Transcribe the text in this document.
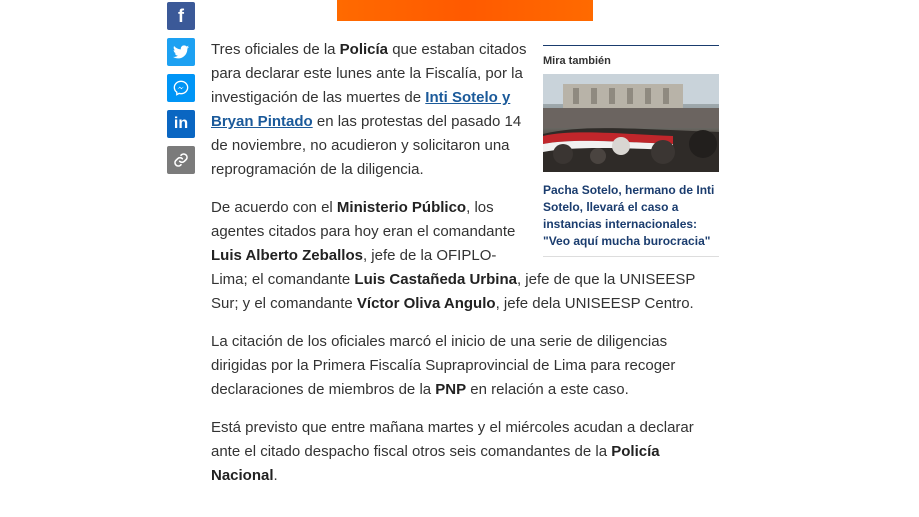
f
in

Tres oficiales de la Policía que estaban citados para declarar este lunes ante la Fiscalía, por la investigación de las muertes de Inti Sotelo y Bryan Pintado en las protestas del pasado 14 de noviembre, no acudieron y solicitaron una reprogramación de la diligencia.

De acuerdo con el Ministerio Público, los agentes citados para hoy eran el comandante Luis Alberto Zeballos, jefe de la OFIPLO-
Lima; el comandante Luis Castañeda Urbina, jefe de que la UNISEESP Sur; y el comandante Víctor Oliva Angulo, jefe dela UNISEESP Centro.

La citación de los oficiales marcó el inicio de una serie de diligencias dirigidas por la Primera Fiscalía Supraprovincial de Lima para recoger declaraciones de miembros de la PNP en relación a este caso.

Está previsto que entre mañana martes y el miércoles acudan a declarar ante el citado despacho fiscal otros seis comandantes de la Policía Nacional.

Mira también
Pacha Sotelo, hermano de Inti Sotelo, llevará el caso a instancias internacionales: "Veo aquí mucha burocracia"
